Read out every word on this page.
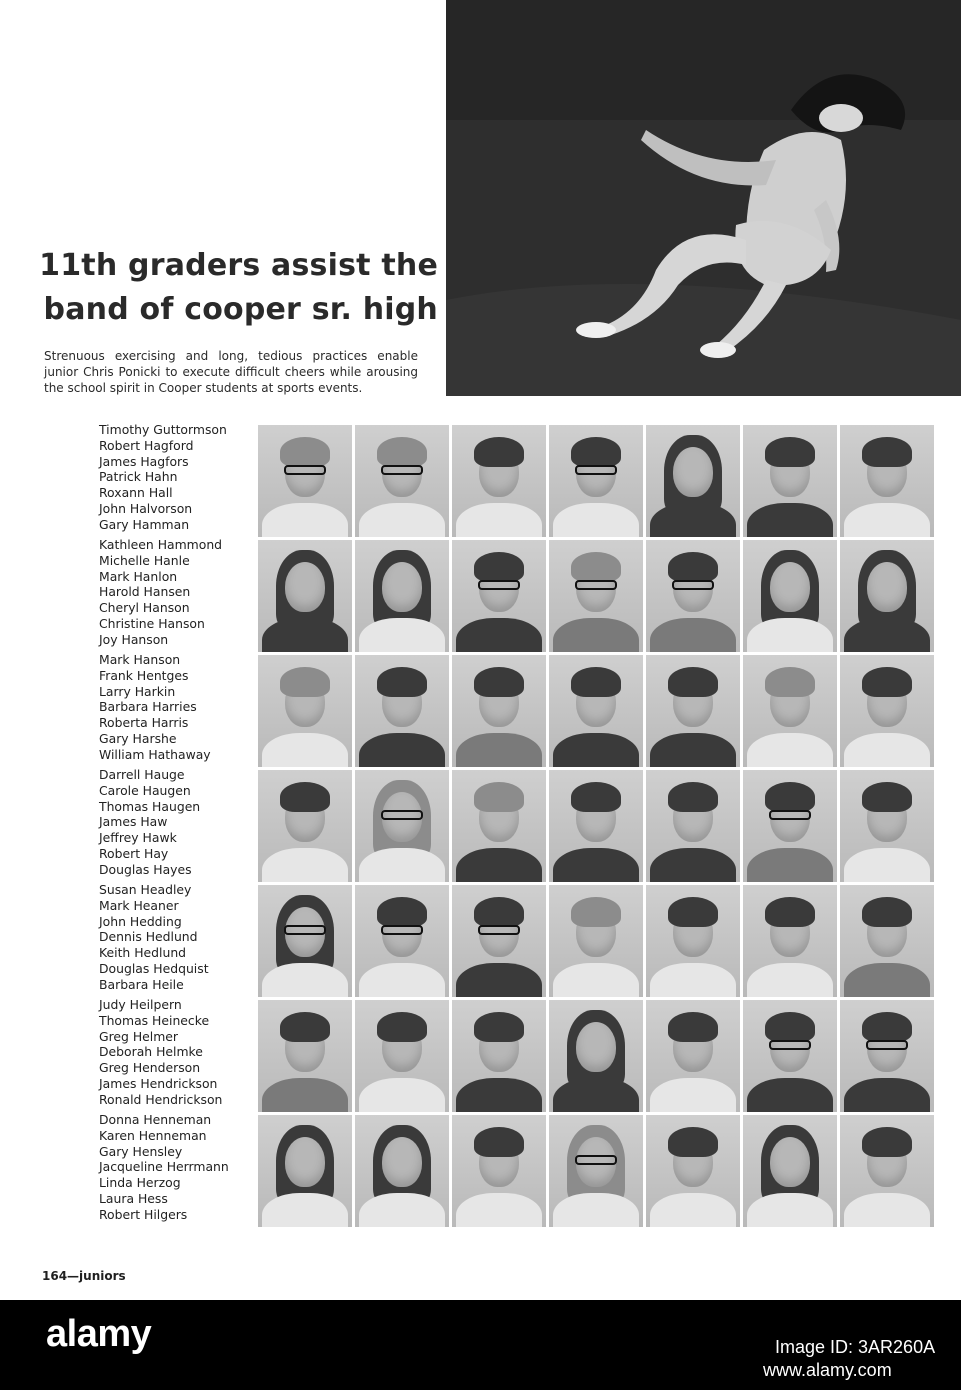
11th graders assist the
band of cooper sr. high
Strenuous exercising and long, tedious practices enable junior Chris Ponicki to execute difficult cheers while arousing the school spirit in Cooper students at sports events.
Timothy Guttormson
Robert Hagford
James Hagfors
Patrick Hahn
Roxann Hall
John Halvorson
Gary Hamman
Kathleen Hammond
Michelle Hanle
Mark Hanlon
Harold Hansen
Cheryl Hanson
Christine Hanson
Joy Hanson
Mark Hanson
Frank Hentges
Larry Harkin
Barbara Harries
Roberta Harris
Gary Harshe
William Hathaway
Darrell Hauge
Carole Haugen
Thomas Haugen
James Haw
Jeffrey Hawk
Robert Hay
Douglas Hayes
Susan Headley
Mark Heaner
John Hedding
Dennis Hedlund
Keith Hedlund
Douglas Hedquist
Barbara Heile
Judy Heilpern
Thomas Heinecke
Greg Helmer
Deborah Helmke
Greg Henderson
James Hendrickson
Ronald Hendrickson
Donna Henneman
Karen Henneman
Gary Hensley
Jacqueline Herrmann
Linda Herzog
Laura Hess
Robert Hilgers
164—juniors
alamy	Image ID: 3AR260A
www.alamy.com
